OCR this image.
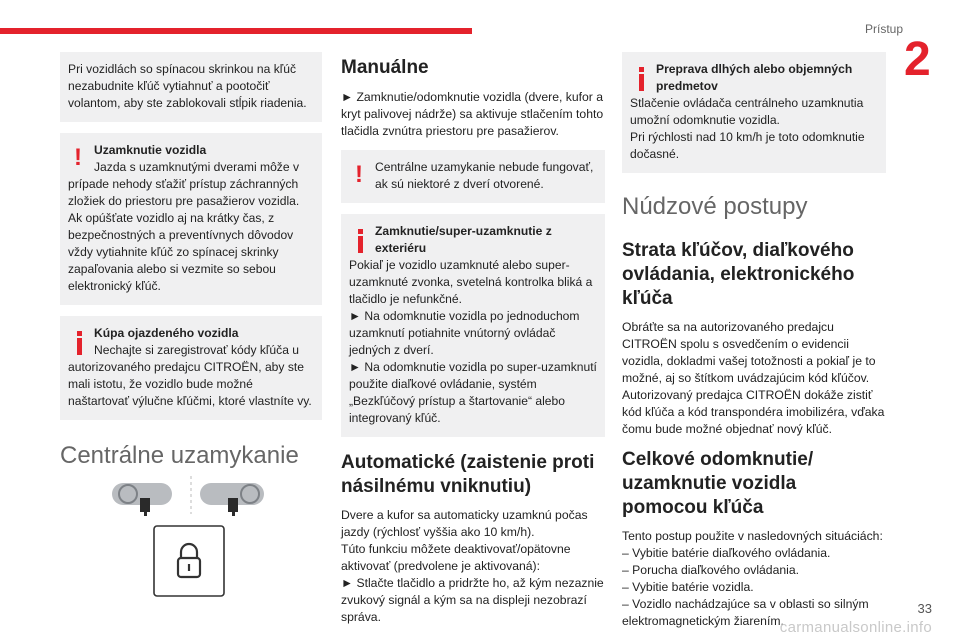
Prístup
2
Pri vozidlách so spínacou skrinkou na kľúč nezabudnite kľúč vytiahnuť a pootočiť volantom, aby ste zablokovali stĺpik riadenia.
! Uzamknutie vozidla
Jazda s uzamknutými dverami môže v prípade nehody sťažiť prístup záchranných zložiek do priestoru pre pasažierov vozidla. Ak opúšťate vozidlo aj na krátky čas, z bezpečnostných a preventívnych dôvodov vždy vytiahnite kľúč zo spínacej skrinky zapaľovania alebo si vezmite so sebou elektronický kľúč.
Kúpa ojazdeného vozidla
Nechajte si zaregistrovať kódy kľúča u autorizovaného predajcu CITROËN, aby ste mali istotu, že vozidlo bude možné naštartovať výlučne kľúčmi, ktoré vlastníte vy.
Centrálne uzamykanie
Manuálne

► Zamknutie/odomknutie vozidla (dvere, kufor a kryt palivovej nádrže) sa aktivuje stlačením tohto tlačidla zvnútra priestoru pre pasažierov.

! Centrálne uzamykanie nebude fungovať, ak sú niektoré z dverí otvorené.
Zamknutie/super-uzamknutie z exteriéru
Pokiaľ je vozidlo uzamknuté alebo super-uzamknuté zvonka, svetelná kontrolka bliká a tlačidlo je nefunkčné.
► Na odomknutie vozidla po jednoduchom uzamknutí potiahnite vnútorný ovládač jedných z dverí.
► Na odomknutie vozidla po super-uzamknutí použite diaľkové ovládanie, systém „Bezkľúčový prístup a štartovanie“ alebo integrovaný kľúč.
Automatické (zaistenie proti násilnému vniknutiu)

Dvere a kufor sa automaticky uzamknú počas jazdy (rýchlosť vyššia ako 10 km/h).

Túto funkciu môžete deaktivovať/opätovne aktivovať (predvolene je aktivovaná):

► Stlačte tlačidlo a pridržte ho, až kým nezaznie zvukový signál a kým sa na displeji nezobrazí správa.

Preprava dlhých alebo objemných predmetov
Stlačenie ovládača centrálneho uzamknutia umožní odomknutie vozidla.
Pri rýchlosti nad 10 km/h je toto odomknutie dočasné.
Núdzové postupy
Strata kľúčov, diaľkového ovládania, elektronického kľúča

Obráťte sa na autorizovaného predajcu CITROËN spolu s osvedčením o evidencii vozidla, dokladmi vašej totožnosti a pokiaľ je to možné, aj so štítkom uvádzajúcim kód kľúčov. Autorizovaný predajca CITROËN dokáže zistiť kód kľúča a kód transpondéra imobilizéra, vďaka čomu bude možné objednať nový kľúč.

Celkové odomknutie/ uzamknutie vozidla pomocou kľúča

Tento postup použite v nasledovných situáciách:

– Vybitie batérie diaľkového ovládania.

– Porucha diaľkového ovládania.

– Vybitie batérie vozidla.

– Vozidlo nachádzajúce sa v oblasti so silným elektromagnetickým žiarením.

carmanualsonline.info
33
